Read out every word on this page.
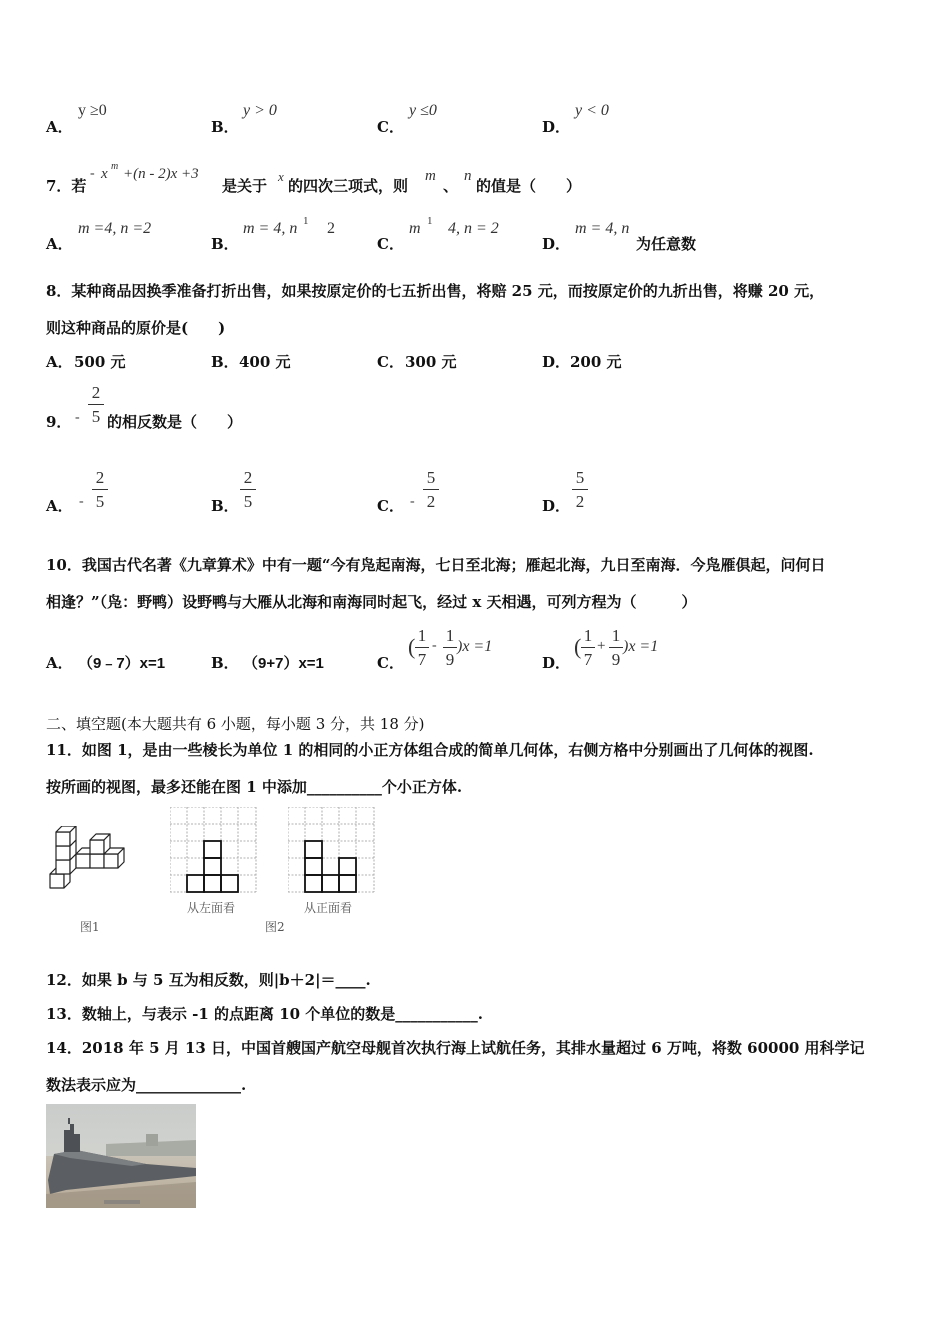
A．
y ≥0
B．
y > 0
C．
y ≤0
D．
y < 0
7．若
- x m +(n - 2)x +3
是关于
x
的四次三项式，则
m
、
n
的值是（　　）
A．
m =4, n =2
B．
m = 4, n 1 2
C．
m 1 4, n = 2
D．
m = 4, n
为任意数
8．某种商品因换季准备打折出售，如果按原定价的七五折出售，将赔 25 元，而按原定价的九折出售，将赚 20 元，
则这种商品的原价是(　　)
A． 500 元	B． 400 元	C． 300 元	D． 200 元
9． - $\frac{2}{5}$ 的相反数是（　　）
A． - $\frac{2}{5}$	B． $\frac{2}{5}$	C． - $\frac{5}{2}$	D． $\frac{5}{2}$
10．我国古代名著《九章算术》中有一题“今有凫起南海，七日至北海；雁起北海，九日至南海．今凫雁俱起，问何日
相逢？”（凫：野鸭）设野鸭与大雁从北海和南海同时起飞，经过 x 天相遇，可列方程为（　　　）
A． （9﹣7）x=1	B． （9+7）x=1	C．
( $\frac{1}{7} - \frac{1}{9} )x =1$
D．
( $\frac{1}{7} + \frac{1}{9} )x =1$
二、填空题(本大题共有 6 小题，每小题 3 分，共 18 分)
11．如图 1，是由一些棱长为单位 1 的相同的小正方体组合成的简单几何体，右侧方格中分别画出了几何体的视图.
按所画的视图，最多还能在图 1 中添加__________个小正方体.
图1
从左面看
图2
从正面看
12．如果 b 与 5 互为相反数，则|b＋2|＝____.
13．数轴上，与表示 -1 的点距离 10 个单位的数是___________.
14．2018 年 5 月 13 日，中国首艘国产航空母舰首次执行海上试航任务，其排水量超过 6 万吨，将数 60000 用科学记
数法表示应为______________.
